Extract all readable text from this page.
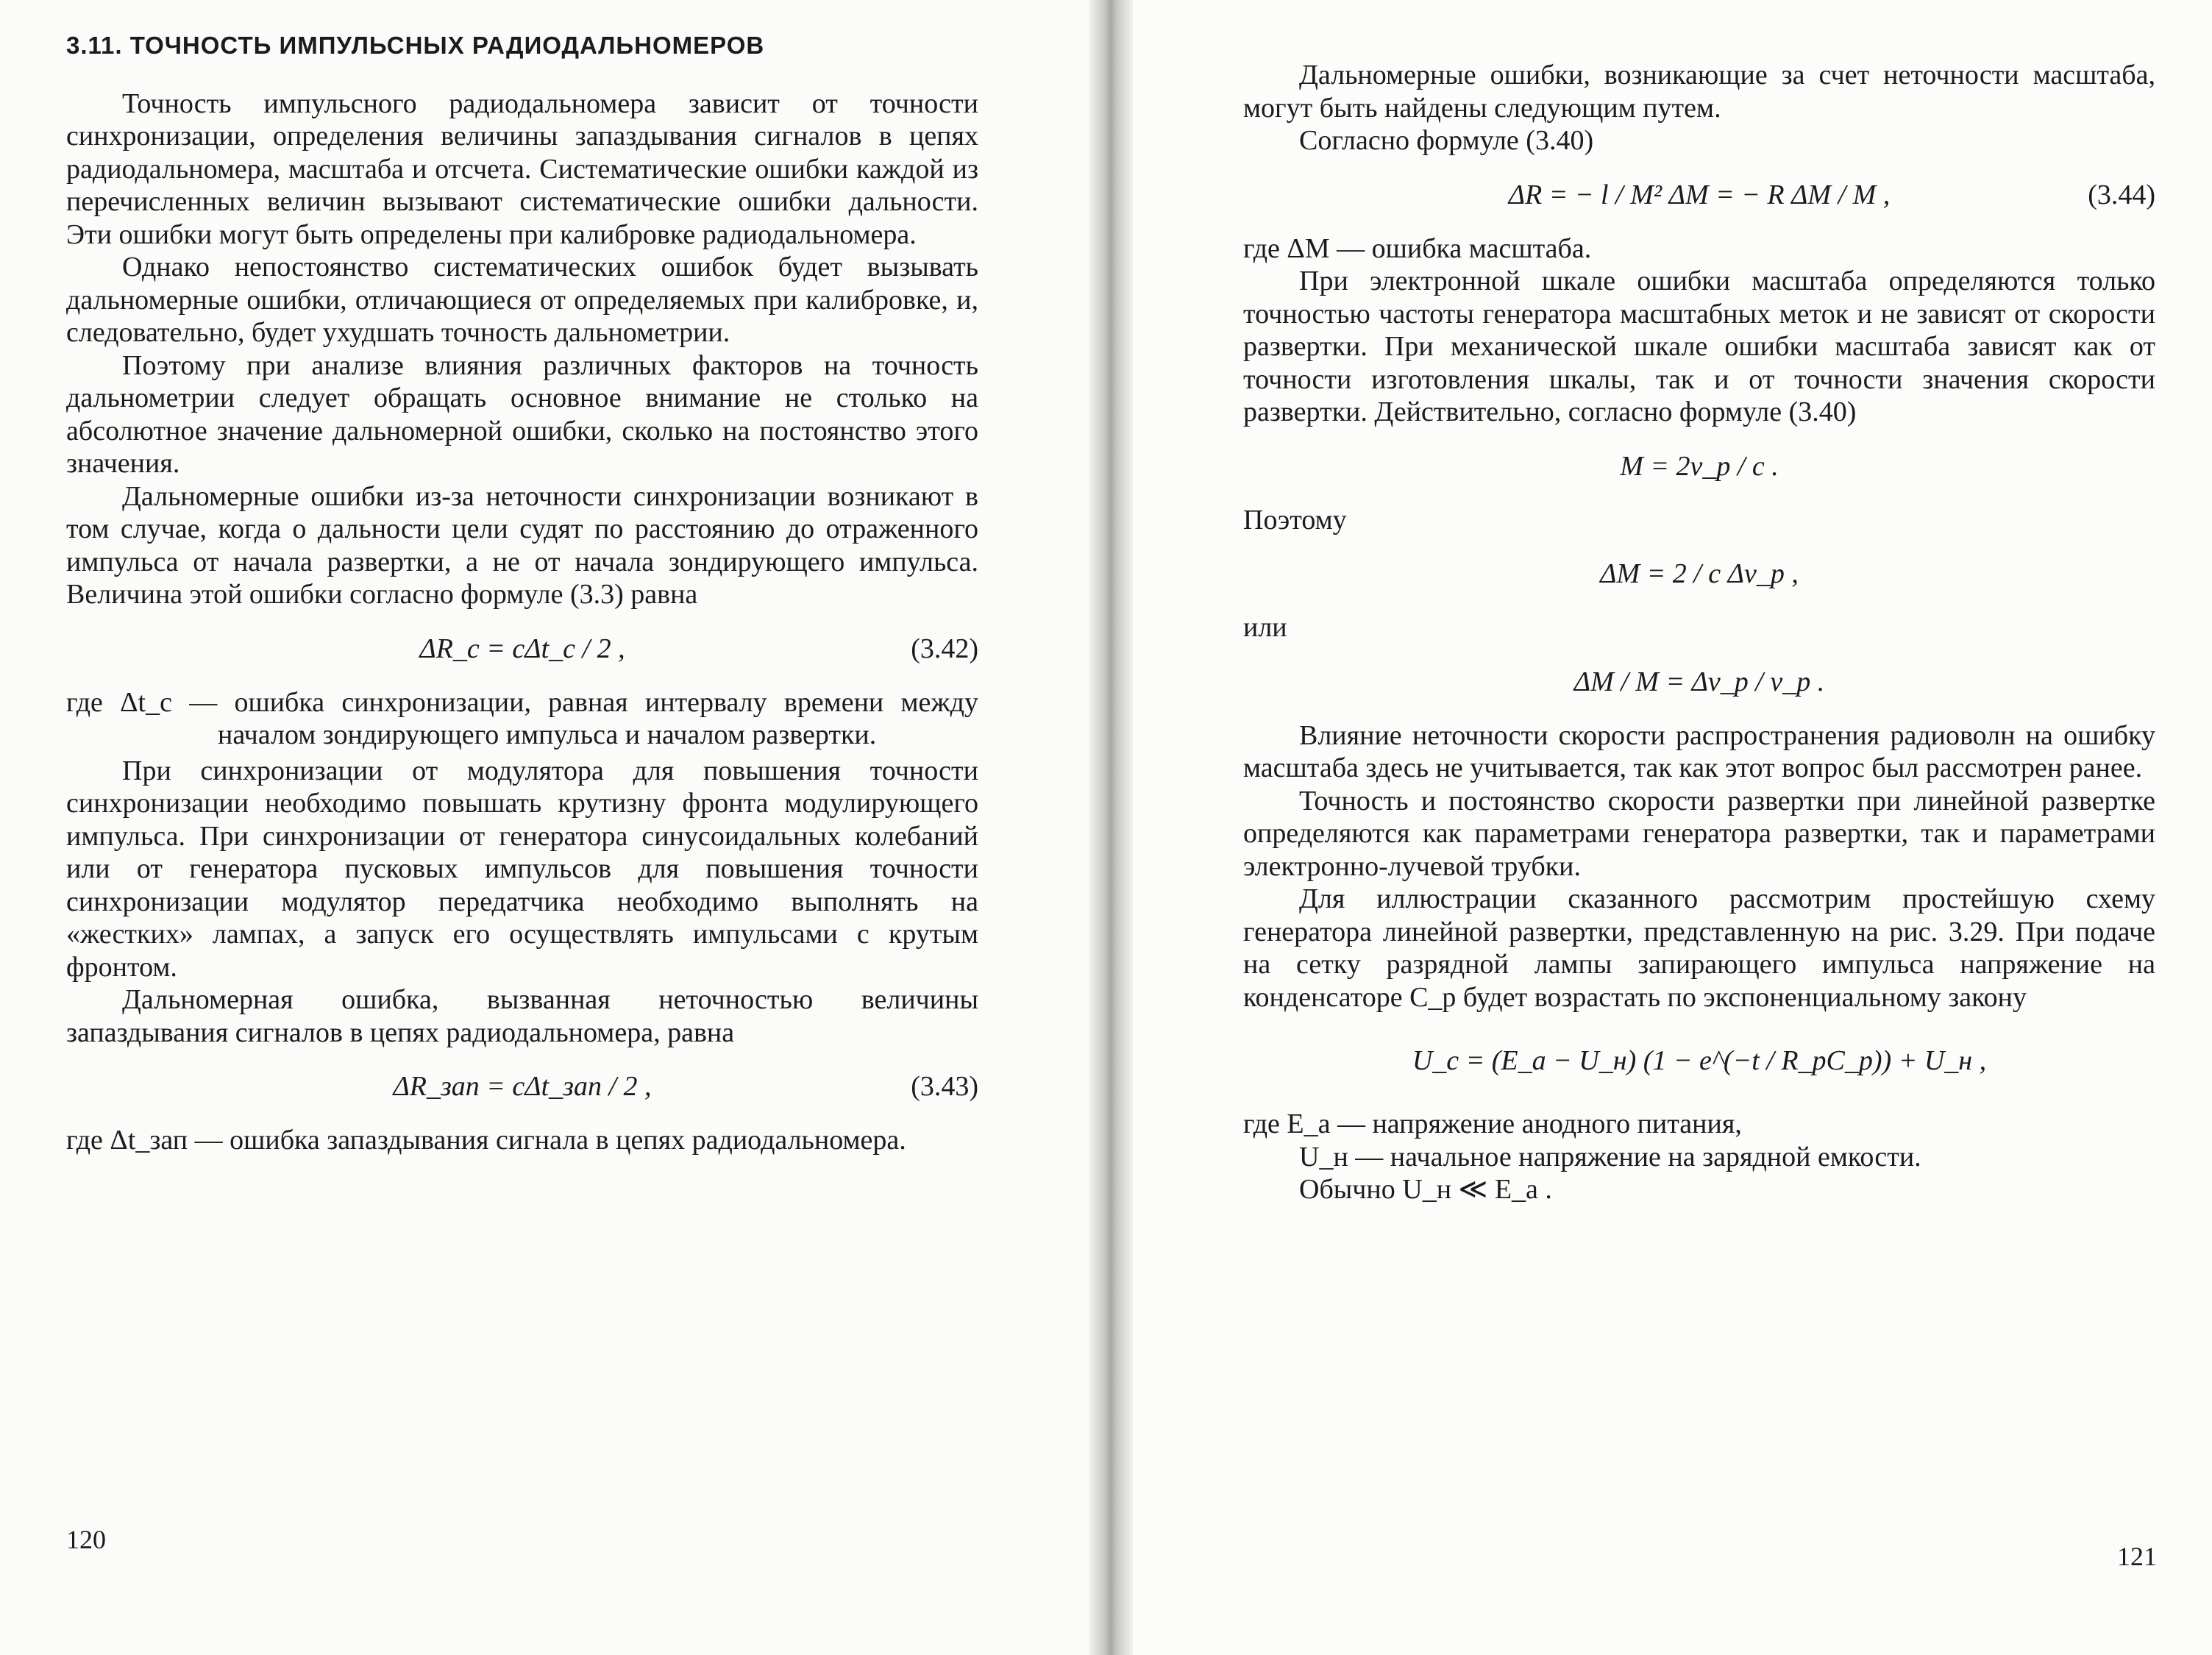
3.11. ТОЧНОСТЬ ИМПУЛЬСНЫХ РАДИОДАЛЬНОМЕРОВ

Точность импульсного радиодальномера зависит от точности синхронизации, определения величины запаздывания сигналов в цепях радиодальномера, масштаба и отсчета. Систематические ошибки каждой из перечисленных величин вызывают систематические ошибки дальности. Эти ошибки могут быть определены при калибровке радиодальномера.

Однако непостоянство систематических ошибок будет вызывать дальномерные ошибки, отличающиеся от определяемых при калибровке, и, следовательно, будет ухудшать точность дальнометрии.

Поэтому при анализе влияния различных факторов на точность дальнометрии следует обращать основное внимание не столько на абсолютное значение дальномерной ошибки, сколько на постоянство этого значения.

Дальномерные ошибки из-за неточности синхронизации возникают в том случае, когда о дальности цели судят по расстоянию до отраженного импульса от начала развертки, а не от начала зондирующего импульса. Величина этой ошибки согласно формуле (3.3) равна

ΔR_c = cΔt_c / 2 ,	(3.42)
где Δt_c — ошибка синхронизации, равная интервалу времени между началом зондирующего импульса и началом развертки.

При синхронизации от модулятора для повышения точности синхронизации необходимо повышать крутизну фронта модулирующего импульса. При синхронизации от генератора синусоидальных колебаний или от генератора пусковых импульсов для повышения точности синхронизации модулятор передатчика необходимо выполнять на «жестких» лампах, а запуск его осуществлять импульсами с крутым фронтом.

Дальномерная ошибка, вызванная неточностью величины запаздывания сигналов в цепях радиодальномера, равна

ΔR_зап = cΔt_зап / 2 ,	(3.43)

где Δt_зап — ошибка запаздывания сигнала в цепях радиодальномера.

120

Дальномерные ошибки, возникающие за счет неточности масштаба, могут быть найдены следующим путем.

Согласно формуле (3.40)

ΔR = − l / M² ΔM = − R ΔM / M ,	(3.44)

где ΔM — ошибка масштаба.

При электронной шкале ошибки масштаба определяются только точностью частоты генератора масштабных меток и не зависят от скорости развертки. При механической шкале ошибки масштаба зависят как от точности изготовления шкалы, так и от точности значения скорости развертки. Действительно, согласно формуле (3.40)

M = 2v_p / c .

Поэтому

ΔM = 2 / c Δv_p ,

или

ΔM / M = Δv_p / v_p .

Влияние неточности скорости распространения радиоволн на ошибку масштаба здесь не учитывается, так как этот вопрос был рассмотрен ранее.

Точность и постоянство скорости развертки при линейной развертке определяются как параметрами генератора развертки, так и параметрами электронно-лучевой трубки.

Для иллюстрации сказанного рассмотрим простейшую схему генератора линейной развертки, представленную на рис. 3.29. При подаче на сетку разрядной лампы запирающего импульса напряжение на конденсаторе C_p будет возрастать по экспоненциальному закону

U_c = (E_a − U_н) (1 − e^(−t / R_pC_p)) + U_н ,

где E_a — напряжение анодного питания,

U_н — начальное напряжение на зарядной емкости.

Обычно U_н ≪ E_a .

121
